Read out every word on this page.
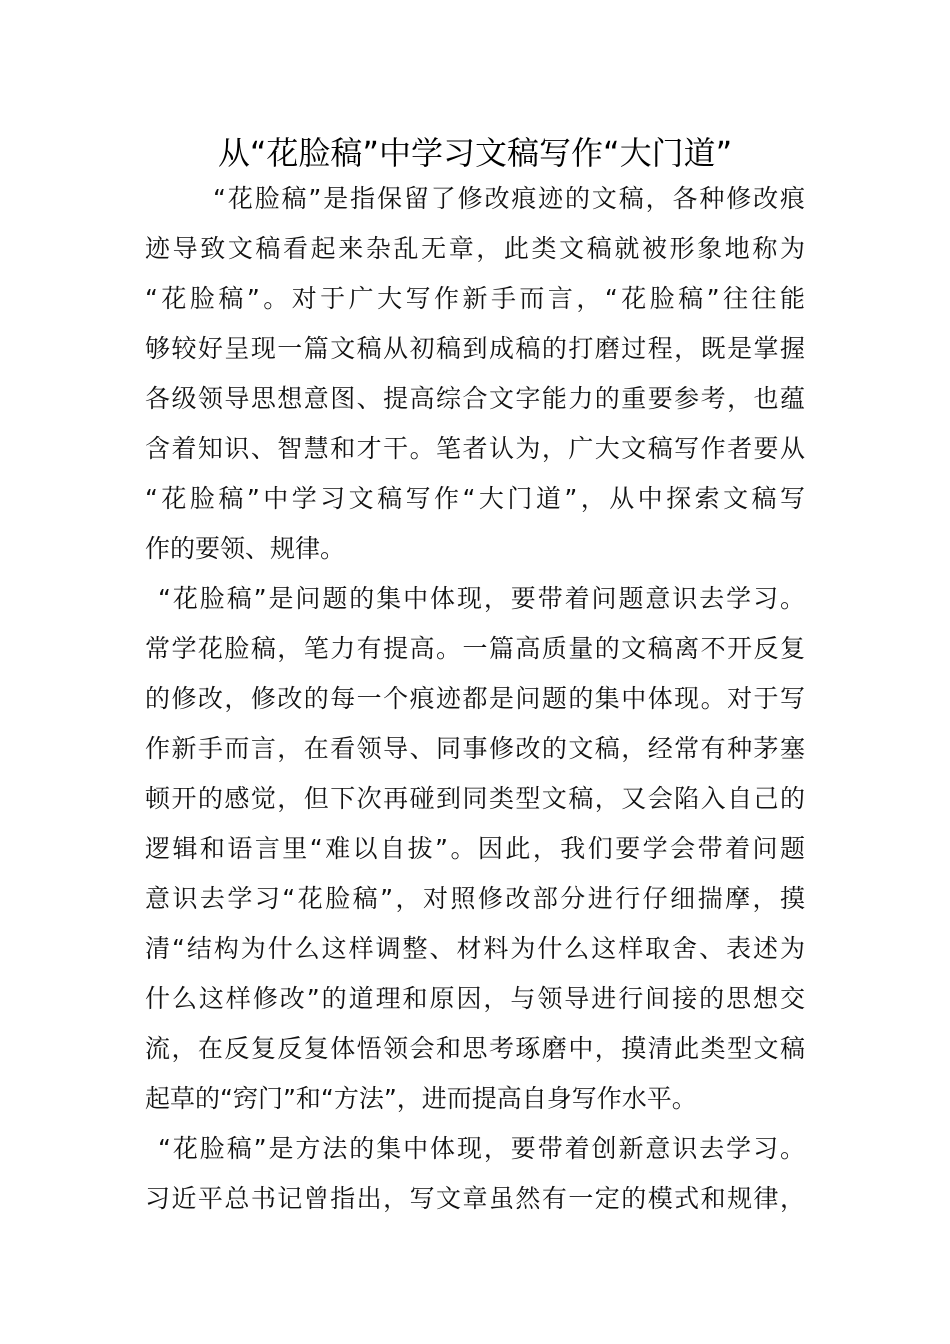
从“花脸稿”中学习文稿写作“大门道”
“花脸稿”是指保留了修改痕迹的文稿，各种修改痕
迹导致文稿看起来杂乱无章，此类文稿就被形象地称为
“花脸稿”。对于广大写作新手而言，“花脸稿”往往能
够较好呈现一篇文稿从初稿到成稿的打磨过程，既是掌握
各级领导思想意图、提高综合文字能力的重要参考，也蕴
含着知识、智慧和才干。笔者认为，广大文稿写作者要从
“花脸稿”中学习文稿写作“大门道”，从中探索文稿写
作的要领、规律。
“花脸稿”是问题的集中体现，要带着问题意识去学习。
常学花脸稿，笔力有提高。一篇高质量的文稿离不开反复
的修改，修改的每一个痕迹都是问题的集中体现。对于写
作新手而言，在看领导、同事修改的文稿，经常有种茅塞
顿开的感觉，但下次再碰到同类型文稿，又会陷入自己的
逻辑和语言里“难以自拔”。因此，我们要学会带着问题
意识去学习“花脸稿”，对照修改部分进行仔细揣摩，摸
清“结构为什么这样调整、材料为什么这样取舍、表述为
什么这样修改”的道理和原因，与领导进行间接的思想交
流，在反复反复体悟领会和思考琢磨中，摸清此类型文稿
起草的“窍门”和“方法”，进而提高自身写作水平。
“花脸稿”是方法的集中体现，要带着创新意识去学习。
习近平总书记曾指出，写文章虽然有一定的模式和规律，
